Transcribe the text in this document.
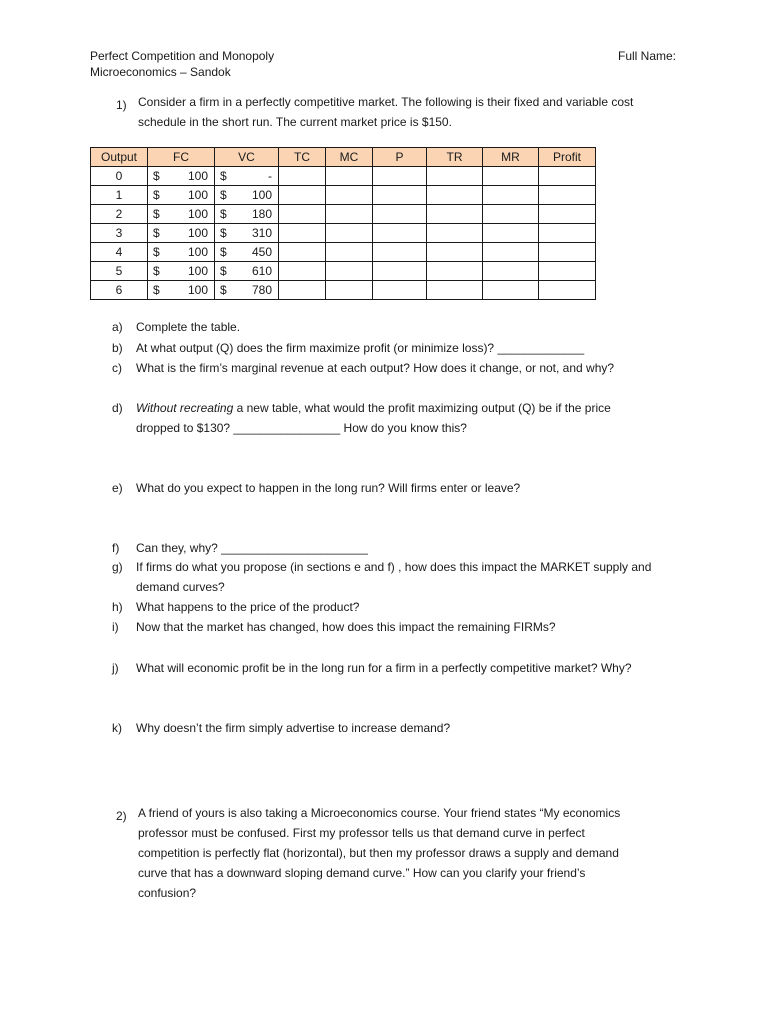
Perfect Competition and Monopoly
Microeconomics – Sandok
Full Name:
1) Consider a firm in a perfectly competitive market. The following is their fixed and variable cost
schedule in the short run. The current market price is $150.
Output	FC	VC	TC	MC	P	TR	MR	Profit
0	$ 100	$ -						

1	$ 100	$ 100						

2	$ 100	$ 180						

3	$ 100	$ 310						

4	$ 100	$ 450						

5	$ 100	$ 610						

6	$ 100	$ 780						

a)	Complete the table.
b)	At what output (Q) does the firm maximize profit (or minimize loss)? _____________
c)	What is the firm’s marginal revenue at each output? How does it change, or not, and why?
d)	Without recreating a new table, what would the profit maximizing output (Q) be if the price
dropped to $130? ________________ How do you know this?
e)	What do you expect to happen in the long run? Will firms enter or leave?
f)	Can they, why? ______________________
g)	If firms do what you propose (in sections e and f) , how does this impact the MARKET supply and
demand curves?
h)	What happens to the price of the product?
i)	Now that the market has changed, how does this impact the remaining FIRMs?
j)	What will economic profit be in the long run for a firm in a perfectly competitive market? Why?
k)	Why doesn’t the firm simply advertise to increase demand?
2) A friend of yours is also taking a Microeconomics course. Your friend states “My economics
professor must be confused. First my professor tells us that demand curve in perfect
competition is perfectly flat (horizontal), but then my professor draws a supply and demand
curve that has a downward sloping demand curve.” How can you clarify your friend’s
confusion?
